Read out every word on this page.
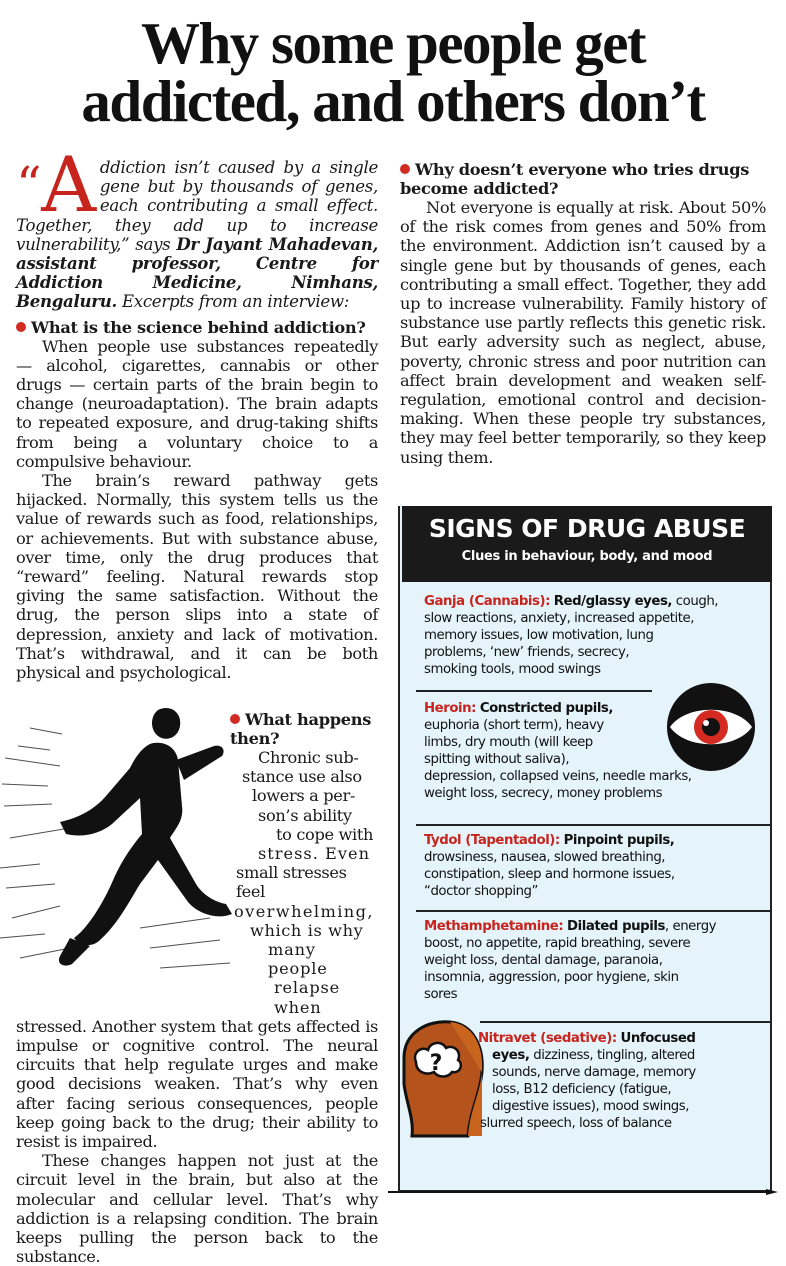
Why some people get
addicted, and others don’t

“A ddiction isn’t caused by a single gene but by thousands of genes, each contributing a small effect. Together, they add up to increase vulnerability,” says Dr Jayant Mahadevan, assistant professor, Centre for Addiction Medicine, Nimhans, Bengaluru. Excerpts from an interview:

What is the science behind addiction?

When people use substances repeatedly — alcohol, cigarettes, cannabis or other drugs — certain parts of the brain begin to change (neuroadaptation). The brain adapts to repeated exposure, and drug-taking shifts from being a voluntary choice to a compulsive behaviour.

The brain’s reward pathway gets hijacked. Normally, this system tells us the value of rewards such as food, relationships, or achievements. But with substance abuse, over time, only the drug produces that “reward” feeling. Natural rewards stop giving the same satisfaction. Without the drug, the person slips into a state of depression, anxiety and lack of motivation. That’s withdrawal, and it can be both physical and psychological.

What happens
then?
Chronic sub-
stance use also
lowers a per-
son’s ability
to cope with
stress. Even
small stresses feel
overwhelming,
which is why
many people
relapse when

stressed. Another system that gets affected is impulse or cognitive control. The neural circuits that help regulate urges and make good decisions weaken. That’s why even after facing serious consequences, people keep going back to the drug; their ability to resist is impaired.

These changes happen not just at the circuit level in the brain, but also at the molecular and cellular level. That’s why addiction is a relapsing condition. The brain keeps pulling the person back to the substance.

Why doesn’t everyone who tries drugs become addicted?

Not everyone is equally at risk. About 50% of the risk comes from genes and 50% from the environment. Addiction isn’t caused by a single gene but by thousands of genes, each contributing a small effect. Together, they add up to increase vulnerability. Family history of substance use partly reflects this genetic risk. But early adversity such as neglect, abuse, poverty, chronic stress and poor nutrition can affect brain development and weaken self-regulation, emotional control and decision-making. When these people try substances, they may feel better temporarily, so they keep using them.

SIGNS OF DRUG ABUSE
Clues in behaviour, body, and mood
Ganja (Cannabis): Red/glassy eyes, cough,
slow reactions, anxiety, increased appetite,
memory issues, low motivation, lung
problems, ‘new’ friends, secrecy,
smoking tools, mood swings
Heroin: Constricted pupils,
euphoria (short term), heavy
limbs, dry mouth (will keep
spitting without saliva),
depression, collapsed veins, needle marks,
weight loss, secrecy, money problems
Tydol (Tapentadol): Pinpoint pupils,
drowsiness, nausea, slowed breathing,
constipation, sleep and hormone issues,
“doctor shopping”
Methamphetamine: Dilated pupils, energy
boost, no appetite, rapid breathing, severe
weight loss, dental damage, paranoia,
insomnia, aggression, poor hygiene, skin
sores
?
Nitravet (sedative): Unfocused
eyes, dizziness, tingling, altered
sounds, nerve damage, memory
loss, B12 deficiency (fatigue,
digestive issues), mood swings,
slurred speech, loss of balance
